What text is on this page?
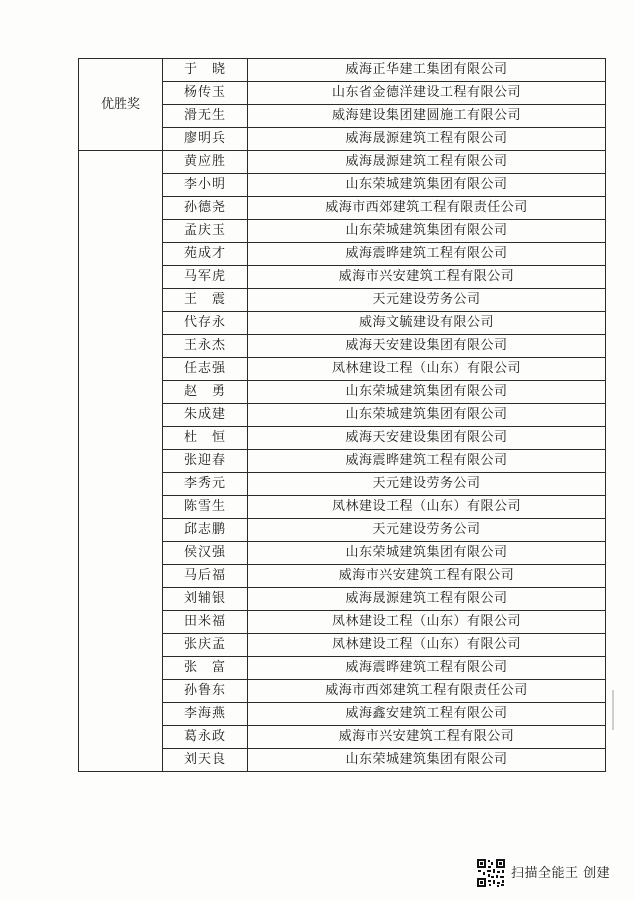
优胜奖	于　晓	威海正华建工集团有限公司
	杨传玉	山东省金德洋建设工程有限公司
	滑无生	威海建设集团建圆施工有限公司
	廖明兵	威海晟源建筑工程有限公司
	黄应胜	威海晟源建筑工程有限公司
	李小明	山东荣城建筑集团有限公司
	孙德尧	威海市西郊建筑工程有限责任公司
	孟庆玉	山东荣城建筑集团有限公司
	苑成才	威海震晔建筑工程有限公司
	马军虎	威海市兴安建筑工程有限公司
	王　震	天元建设劳务公司
	代存永	威海文毓建设有限公司
	王永杰	威海天安建设集团有限公司
	任志强	凤林建设工程（山东）有限公司
	赵　勇	山东荣城建筑集团有限公司
	朱成建	山东荣城建筑集团有限公司
	杜　恒	威海天安建设集团有限公司
	张迎春	威海震晔建筑工程有限公司
	李秀元	天元建设劳务公司
	陈雪生	凤林建设工程（山东）有限公司
	邱志鹏	天元建设劳务公司
	侯汉强	山东荣城建筑集团有限公司
	马后福	威海市兴安建筑工程有限公司
	刘辅银	威海晟源建筑工程有限公司
	田米福	凤林建设工程（山东）有限公司
	张庆孟	凤林建设工程（山东）有限公司
	张　富	威海震晔建筑工程有限公司
	孙鲁东	威海市西郊建筑工程有限责任公司
	李海燕	威海鑫安建筑工程有限公司
	葛永政	威海市兴安建筑工程有限公司
	刘天良	山东荣城建筑集团有限公司
扫描全能王 创建
